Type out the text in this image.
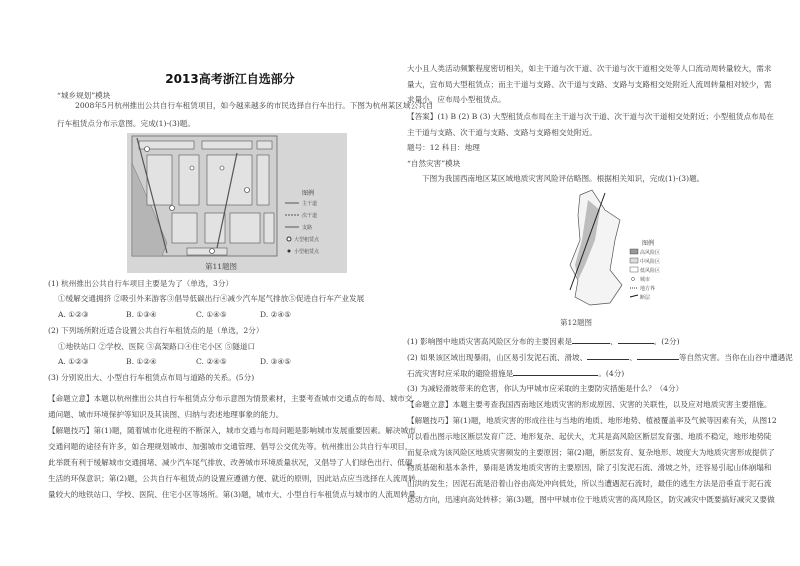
2013高考浙江自选部分
“城乡规划”模块
2008年5月杭州推出公共自行车租赁项目，如今越来越多的市民选择自行车出行。下图为杭州某区域公共自
行车租赁点分布示意图。完成(1)-(3)题。
图例
主干道
次干道
支路
大型租赁点
小型租赁点
第11题图
(1) 杭州推出公共自行车项目主要是为了（单选，3分）
①缓解交通拥挤 ②吸引外来游客③倡导低碳出行④减少汽车尾气排放⑤促进自行车产业发展
A. ①②③	B. ①③④	C. ①④⑤	D. ②④⑤
(2) 下列场所附近适合设置公共自行车租赁点的是（单选，2分）
①地铁站口 ②学校、医院 ③高架路口④住宅小区 ⑤隧道口
A. ①②③	B. ①②④	C. ②④⑤	D. ③④⑤
(3) 分别说出大、小型自行车租赁点布局与道路的关系。(5分)
【命题立意】本题以杭州推出公共自行车租赁点分布示意图为情景素材，主要考查城市交通点的布局、城市交
通问题、城市环境保护等知识及其读图、归纳与表述地理事象的能力。
【解题技巧】第(1)题，随着城市化进程的不断深入，城市交通与布局问题是影响城市发展重要因素。解决城市
交通问题的途径有许多，如合理规划城市、加强城市交通管理、倡导公交优先等。杭州推出公共自行车项目，
此举既有利于缓解城市交通拥堵、减少汽车尾气排放、改善城市环境质量状况，又倡导了人们绿色出行、低碳
生活的环保意识；第(2)题，公共自行车租赁点的设置应遵循方便、就近的原则，因此站点应当选择在人流周转
量较大的地铁站口、学校、医院、住宅小区等场所。第(3)题，城市大、小型自行车租赁点与城市的人流周转量
大小且人类活动频繁程度密切相关，如主干道与次干道、次干道与次干道相交处等人口流动周转量较大，需求
量大，宜布局大型租赁点；而主干道与支路、次干道与支路、支路与支路相交处附近人流周转量相对较少，需
求量小，应布局小型租赁点。
【答案】(1) B (2) B (3) 大型租赁点布局在主干道与次干道、次干道与次干道相交处附近；小型租赁点布局在
主干道与支路、次干道与支路、支路与支路相交处附近。
题号：12 科目：地理
“自然灾害”模块
下图为我国西南地区某区域地质灾害风险评估略图。根据相关知识，完成(1)-(3)题。
图例
高风险区
中风险区
低风险区
城市
地方界
断层
第12题图
(1) 影响图中地质灾害高风险区分布的主要因素是	、	。(2分)
(2) 如果该区域出现暴雨，山区易引发泥石流、滑坡、	、	等自然灾害。当你在山谷中遭遇泥
石流灾害时应采取的避险措施是	。(4分)
(3) 为减轻滑坡带来的危害，你认为甲城市应采取的主要防灾措施是什么？（4分）
【命题立意】本题主要考查我国西南地区地质灾害的形成原因、灾害的关联性，以及应对地质灾害主要措施。
【解题技巧】第(1)题，地质灾害的形成往往与当地的地质、地形地势、植被覆盖率及气候等因素有关，从图12
可以看出图示地区断层发育广泛、地形复杂、起伏大，尤其是高风险区断层发育强、地质不稳定，地形地势陡
而复杂成为该风险区地质灾害频发的主要原因；第(2)题，断层发育、复杂地形、坡度大为地质灾害形成提供了
物质基础和基本条件，暴雨是诱发地质灾害的主要原因，除了引发泥石流、滑坡之外，还容易引起山体崩塌和
山洪的发生；因泥石流是沿着山谷由高处冲向低处，所以当遭遇泥石流时，最佳的逃生方法是沿垂直于泥石流
运动方向，迅速向高处转移；第(3)题，图中甲城市位于地质灾害的高风险区，防灾减灾中既要搞好减灾又要做
